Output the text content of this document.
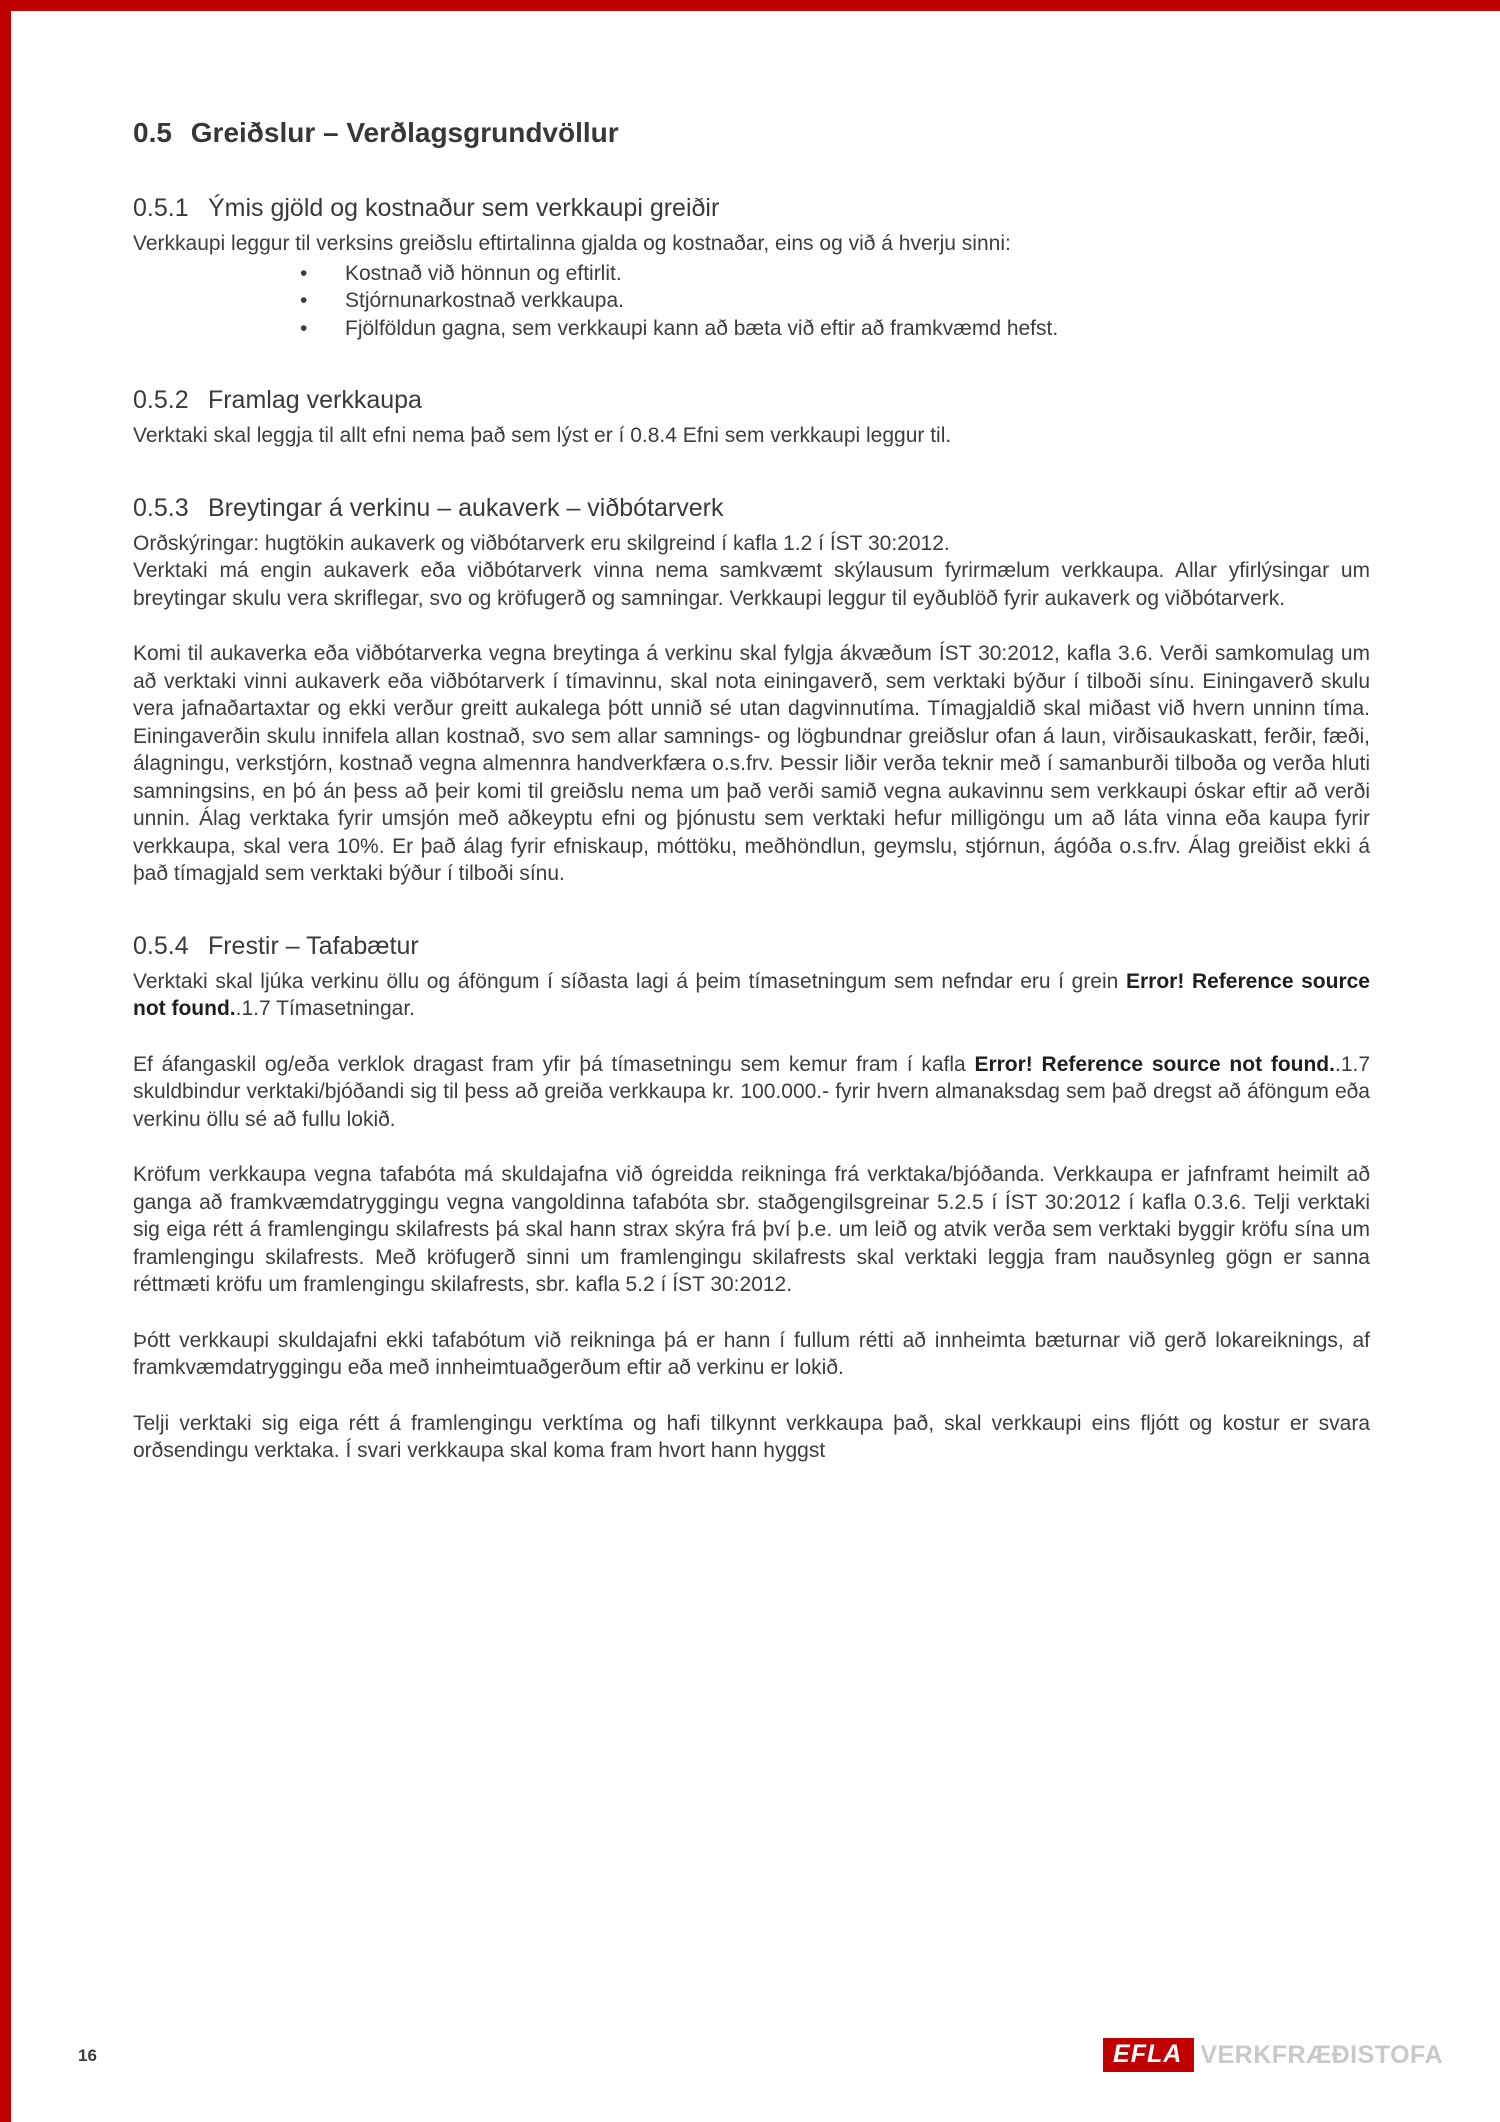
0.5 Greiðslur – Verðlagsgrundvöllur
0.5.1 Ýmis gjöld og kostnaður sem verkkaupi greiðir

Verkkaupi leggur til verksins greiðslu eftirtalinna gjalda og kostnaðar, eins og við á hverju sinni:

• Kostnað við hönnun og eftirlit.
• Stjórnunarkostnað verkkaupa.
• Fjölföldun gagna, sem verkkaupi kann að bæta við eftir að framkvæmd hefst.
0.5.2 Framlag verkkaupa

Verktaki skal leggja til allt efni nema það sem lýst er í 0.8.4 Efni sem verkkaupi leggur til.

0.5.3 Breytingar á verkinu – aukaverk – viðbótarverk

Orðskýringar: hugtökin aukaverk og viðbótarverk eru skilgreind í kafla 1.2 í ÍST 30:2012.

Verktaki má engin aukaverk eða viðbótarverk vinna nema samkvæmt skýlausum fyrirmælum verkkaupa. Allar yfirlýsingar um breytingar skulu vera skriflegar, svo og kröfugerð og samningar. Verkkaupi leggur til eyðublöð fyrir aukaverk og viðbótarverk.

Komi til aukaverka eða viðbótarverka vegna breytinga á verkinu skal fylgja ákvæðum ÍST 30:2012, kafla 3.6. Verði samkomulag um að verktaki vinni aukaverk eða viðbótarverk í tímavinnu, skal nota einingaverð, sem verktaki býður í tilboði sínu. Einingaverð skulu vera jafnaðartaxtar og ekki verður greitt aukalega þótt unnið sé utan dagvinnutíma. Tímagjaldið skal miðast við hvern unninn tíma. Einingaverðin skulu innifela allan kostnað, svo sem allar samnings- og lögbundnar greiðslur ofan á laun, virðisaukaskatt, ferðir, fæði, álagningu, verkstjórn, kostnað vegna almennra handverkfæra o.s.frv. Þessir liðir verða teknir með í samanburði tilboða og verða hluti samningsins, en þó án þess að þeir komi til greiðslu nema um það verði samið vegna aukavinnu sem verkkaupi óskar eftir að verði unnin. Álag verktaka fyrir umsjón með aðkeyptu efni og þjónustu sem verktaki hefur milligöngu um að láta vinna eða kaupa fyrir verkkaupa, skal vera 10%. Er það álag fyrir efniskaup, móttöku, meðhöndlun, geymslu, stjórnun, ágóða o.s.frv. Álag greiðist ekki á það tímagjald sem verktaki býður í tilboði sínu.

0.5.4 Frestir – Tafabætur

Verktaki skal ljúka verkinu öllu og áföngum í síðasta lagi á þeim tímasetningum sem nefndar eru í grein Error! Reference source not found..1.7 Tímasetningar.

Ef áfangaskil og/eða verklok dragast fram yfir þá tímasetningu sem kemur fram í kafla Error! Reference source not found..1.7 skuldbindur verktaki/bjóðandi sig til þess að greiða verkkaupa kr. 100.000.- fyrir hvern almanaksdag sem það dregst að áföngum eða verkinu öllu sé að fullu lokið.

Kröfum verkkaupa vegna tafabóta má skuldajafna við ógreidda reikninga frá verktaka/bjóðanda. Verkkaupa er jafnframt heimilt að ganga að framkvæmdatryggingu vegna vangoldinna tafabóta sbr. staðgengilsgreinar 5.2.5 í ÍST 30:2012 í kafla 0.3.6. Telji verktaki sig eiga rétt á framlengingu skilafrests þá skal hann strax skýra frá því þ.e. um leið og atvik verða sem verktaki byggir kröfu sína um framlengingu skilafrests. Með kröfugerð sinni um framlengingu skilafrests skal verktaki leggja fram nauðsynleg gögn er sanna réttmæti kröfu um framlengingu skilafrests, sbr. kafla 5.2 í ÍST 30:2012.

Þótt verkkaupi skuldajafni ekki tafabótum við reikninga þá er hann í fullum rétti að innheimta bæturnar við gerð lokareiknings, af framkvæmdatryggingu eða með innheimtuaðgerðum eftir að verkinu er lokið.

Telji verktaki sig eiga rétt á framlengingu verktíma og hafi tilkynnt verkkaupa það, skal verkkaupi eins fljótt og kostur er svara orðsendingu verktaka. Í svari verkkaupa skal koma fram hvort hann hyggst

16	EFLA VERKFRÆÐISTOFA
